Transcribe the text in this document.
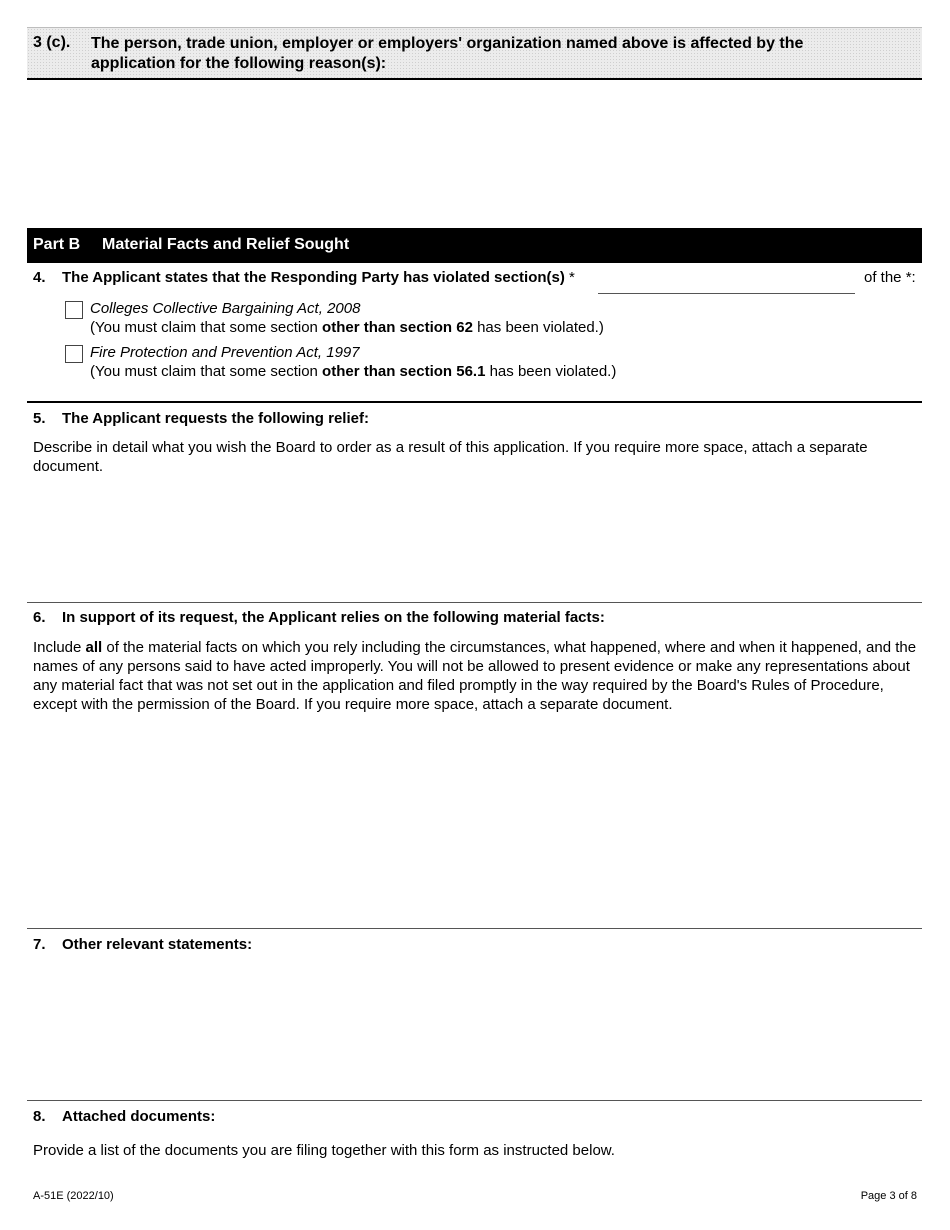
3 (c). The person, trade union, employer or employers' organization named above is affected by the application for the following reason(s):
Part B Material Facts and Relief Sought
4. The Applicant states that the Responding Party has violated section(s) *	of the *:
Colleges Collective Bargaining Act, 2008
(You must claim that some section other than section 62 has been violated.)
Fire Protection and Prevention Act, 1997
(You must claim that some section other than section 56.1 has been violated.)
5. The Applicant requests the following relief:
Describe in detail what you wish the Board to order as a result of this application. If you require more space, attach a separate document.
6. In support of its request, the Applicant relies on the following material facts:
Include all of the material facts on which you rely including the circumstances, what happened, where and when it happened, and the names of any persons said to have acted improperly. You will not be allowed to present evidence or make any representations about any material fact that was not set out in the application and filed promptly in the way required by the Board's Rules of Procedure, except with the permission of the Board. If you require more space, attach a separate document.
7. Other relevant statements:
8. Attached documents:
Provide a list of the documents you are filing together with this form as instructed below.
A-51E (2022/10)	Page 3 of 8
